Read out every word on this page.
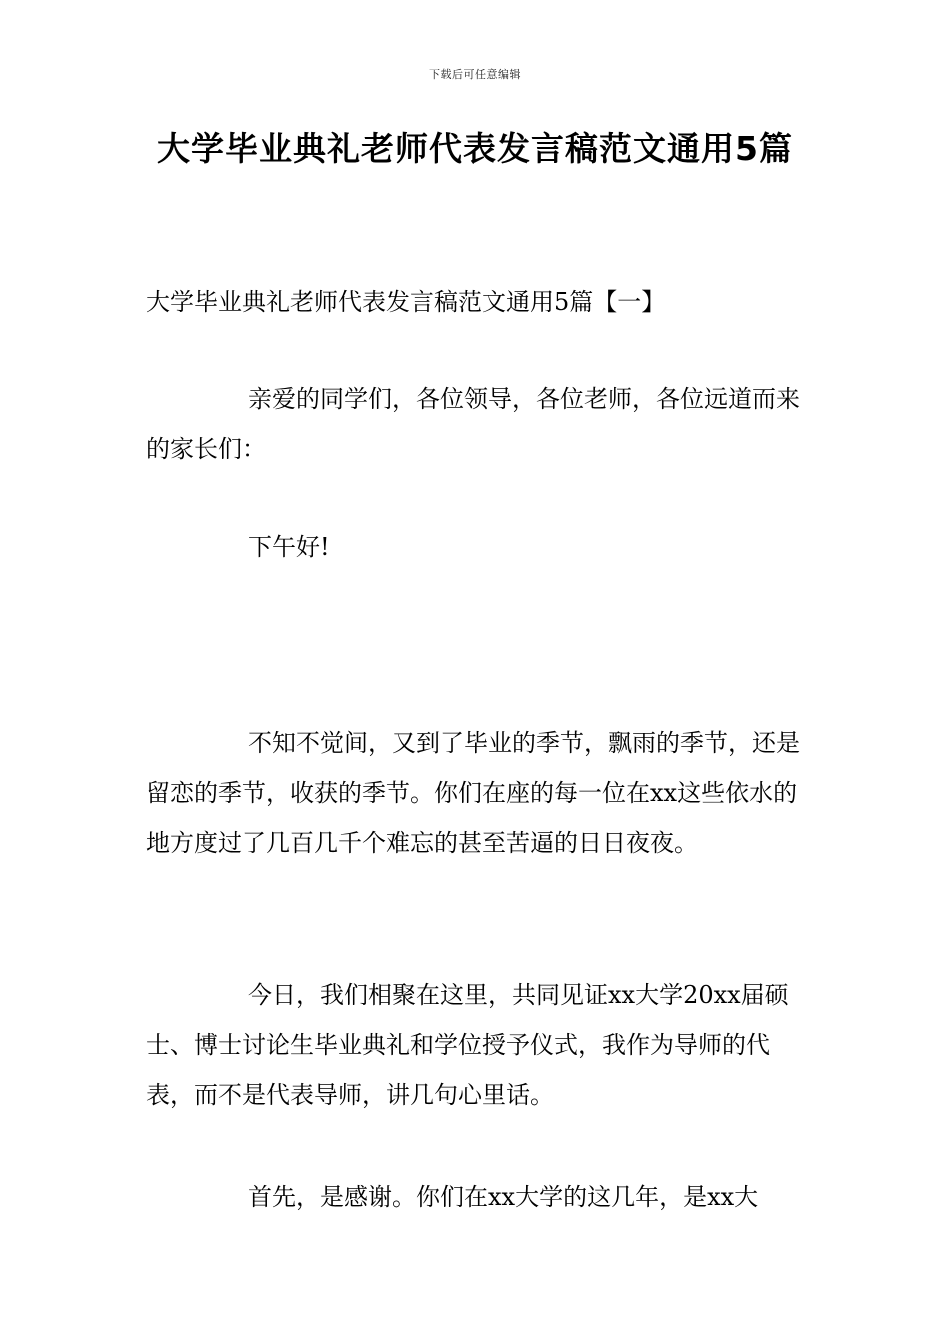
下载后可任意编辑
大学毕业典礼老师代表发言稿范文通用5篇
大学毕业典礼老师代表发言稿范文通用5篇【一】
亲爱的同学们，各位领导，各位老师，各位远道而来的家长们：
下午好!
不知不觉间，又到了毕业的季节，飘雨的季节，还是留恋的季节，收获的季节。你们在座的每一位在xx这些依水的地方度过了几百几千个难忘的甚至苦逼的日日夜夜。
今日，我们相聚在这里，共同见证xx大学20xx届硕士、博士讨论生毕业典礼和学位授予仪式，我作为导师的代表，而不是代表导师，讲几句心里话。
首先，是感谢。你们在xx大学的这几年，是xx大
